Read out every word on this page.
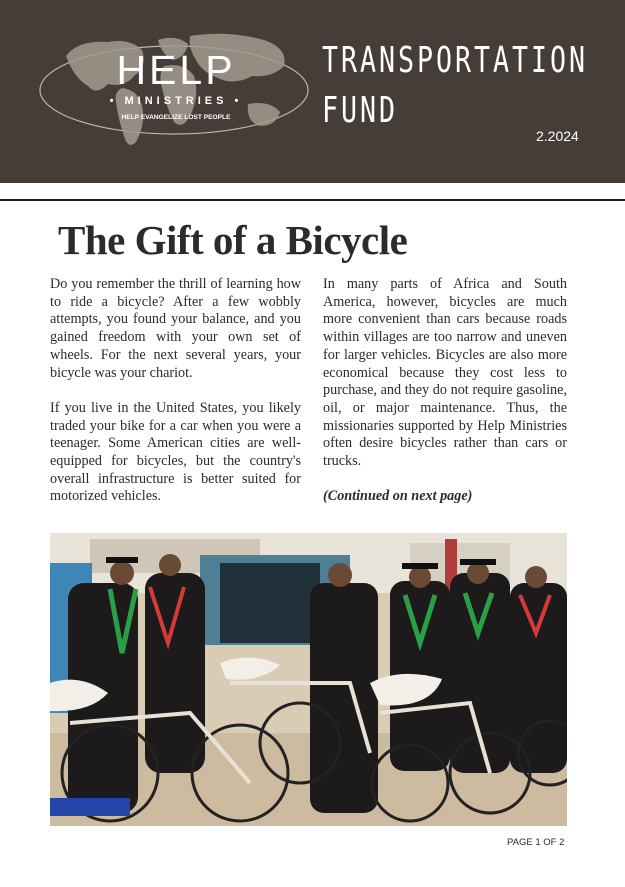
HELP
• MINISTRIES •
HELP EVANGELIZE LOST PEOPLE
TRANSPORTATION
FUND
2.2024
The Gift of a Bicycle

Do you remember the thrill of learning how to ride a bicycle? After a few wobbly attempts, you found your balance, and you gained freedom with your own set of wheels. For the next several years, your bicycle was your chariot.

If you live in the United States, you likely traded your bike for a car when you were a teenager. Some American cities are well-equipped for bicycles, but the country's overall infrastructure is better suited for motorized vehicles.

In many parts of Africa and South America, however, bicycles are much more convenient than cars because roads within villages are too narrow and uneven for larger vehicles. Bicycles are also more economical because they cost less to purchase, and they do not require gasoline, oil, or major maintenance. Thus, the missionaries supported by Help Ministries often desire bicycles rather than cars or trucks.

(Continued on next page)

PAGE 1 OF 2
